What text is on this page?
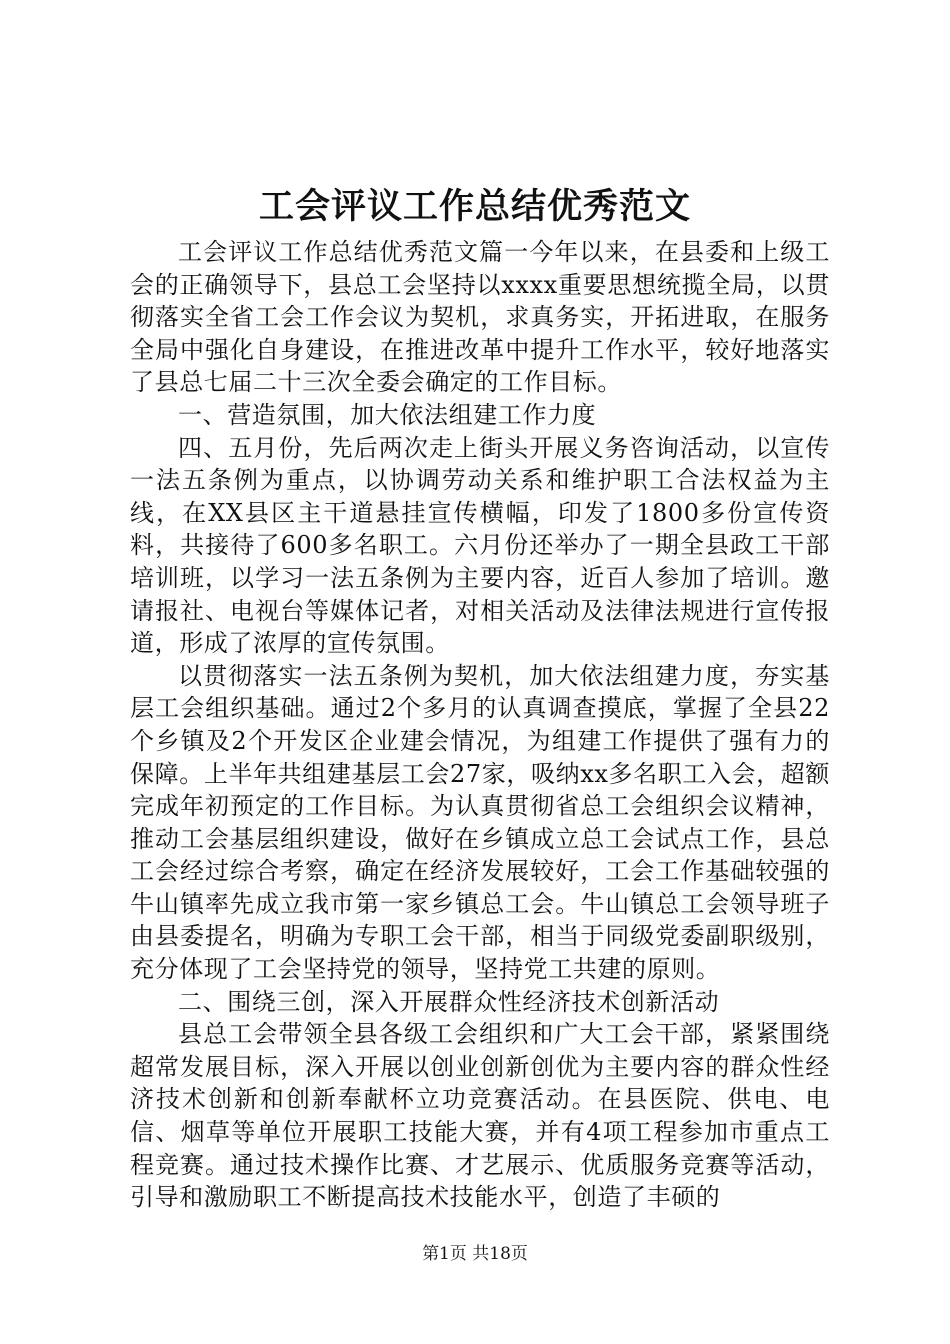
工会评议工作总结优秀范文

工会评议工作总结优秀范文篇一今年以来，在县委和上级工会的正确领导下，县总工会坚持以xxxx重要思想统揽全局，以贯彻落实全省工会工作会议为契机，求真务实，开拓进取，在服务全局中强化自身建设，在推进改革中提升工作水平，较好地落实了县总七届二十三次全委会确定的工作目标。

一、营造氛围，加大依法组建工作力度

四、五月份，先后两次走上街头开展义务咨询活动，以宣传一法五条例为重点，以协调劳动关系和维护职工合法权益为主线，在XX县区主干道悬挂宣传横幅，印发了1800多份宣传资料，共接待了600多名职工。六月份还举办了一期全县政工干部培训班，以学习一法五条例为主要内容，近百人参加了培训。邀请报社、电视台等媒体记者，对相关活动及法律法规进行宣传报道，形成了浓厚的宣传氛围。

以贯彻落实一法五条例为契机，加大依法组建力度，夯实基层工会组织基础。通过2个多月的认真调查摸底，掌握了全县22个乡镇及2个开发区企业建会情况，为组建工作提供了强有力的保障。上半年共组建基层工会27家，吸纳xx多名职工入会，超额完成年初预定的工作目标。为认真贯彻省总工会组织会议精神，推动工会基层组织建设，做好在乡镇成立总工会试点工作，县总工会经过综合考察，确定在经济发展较好，工会工作基础较强的牛山镇率先成立我市第一家乡镇总工会。牛山镇总工会领导班子由县委提名，明确为专职工会干部，相当于同级党委副职级别，充分体现了工会坚持党的领导，坚持党工共建的原则。

二、围绕三创，深入开展群众性经济技术创新活动

县总工会带领全县各级工会组织和广大工会干部，紧紧围绕超常发展目标，深入开展以创业创新创优为主要内容的群众性经济技术创新和创新奉献杯立功竞赛活动。在县医院、供电、电信、烟草等单位开展职工技能大赛，并有4项工程参加市重点工程竞赛。通过技术操作比赛、才艺展示、优质服务竞赛等活动，引导和激励职工不断提高技术技能水平，创造了丰硕的

第1页 共18页
